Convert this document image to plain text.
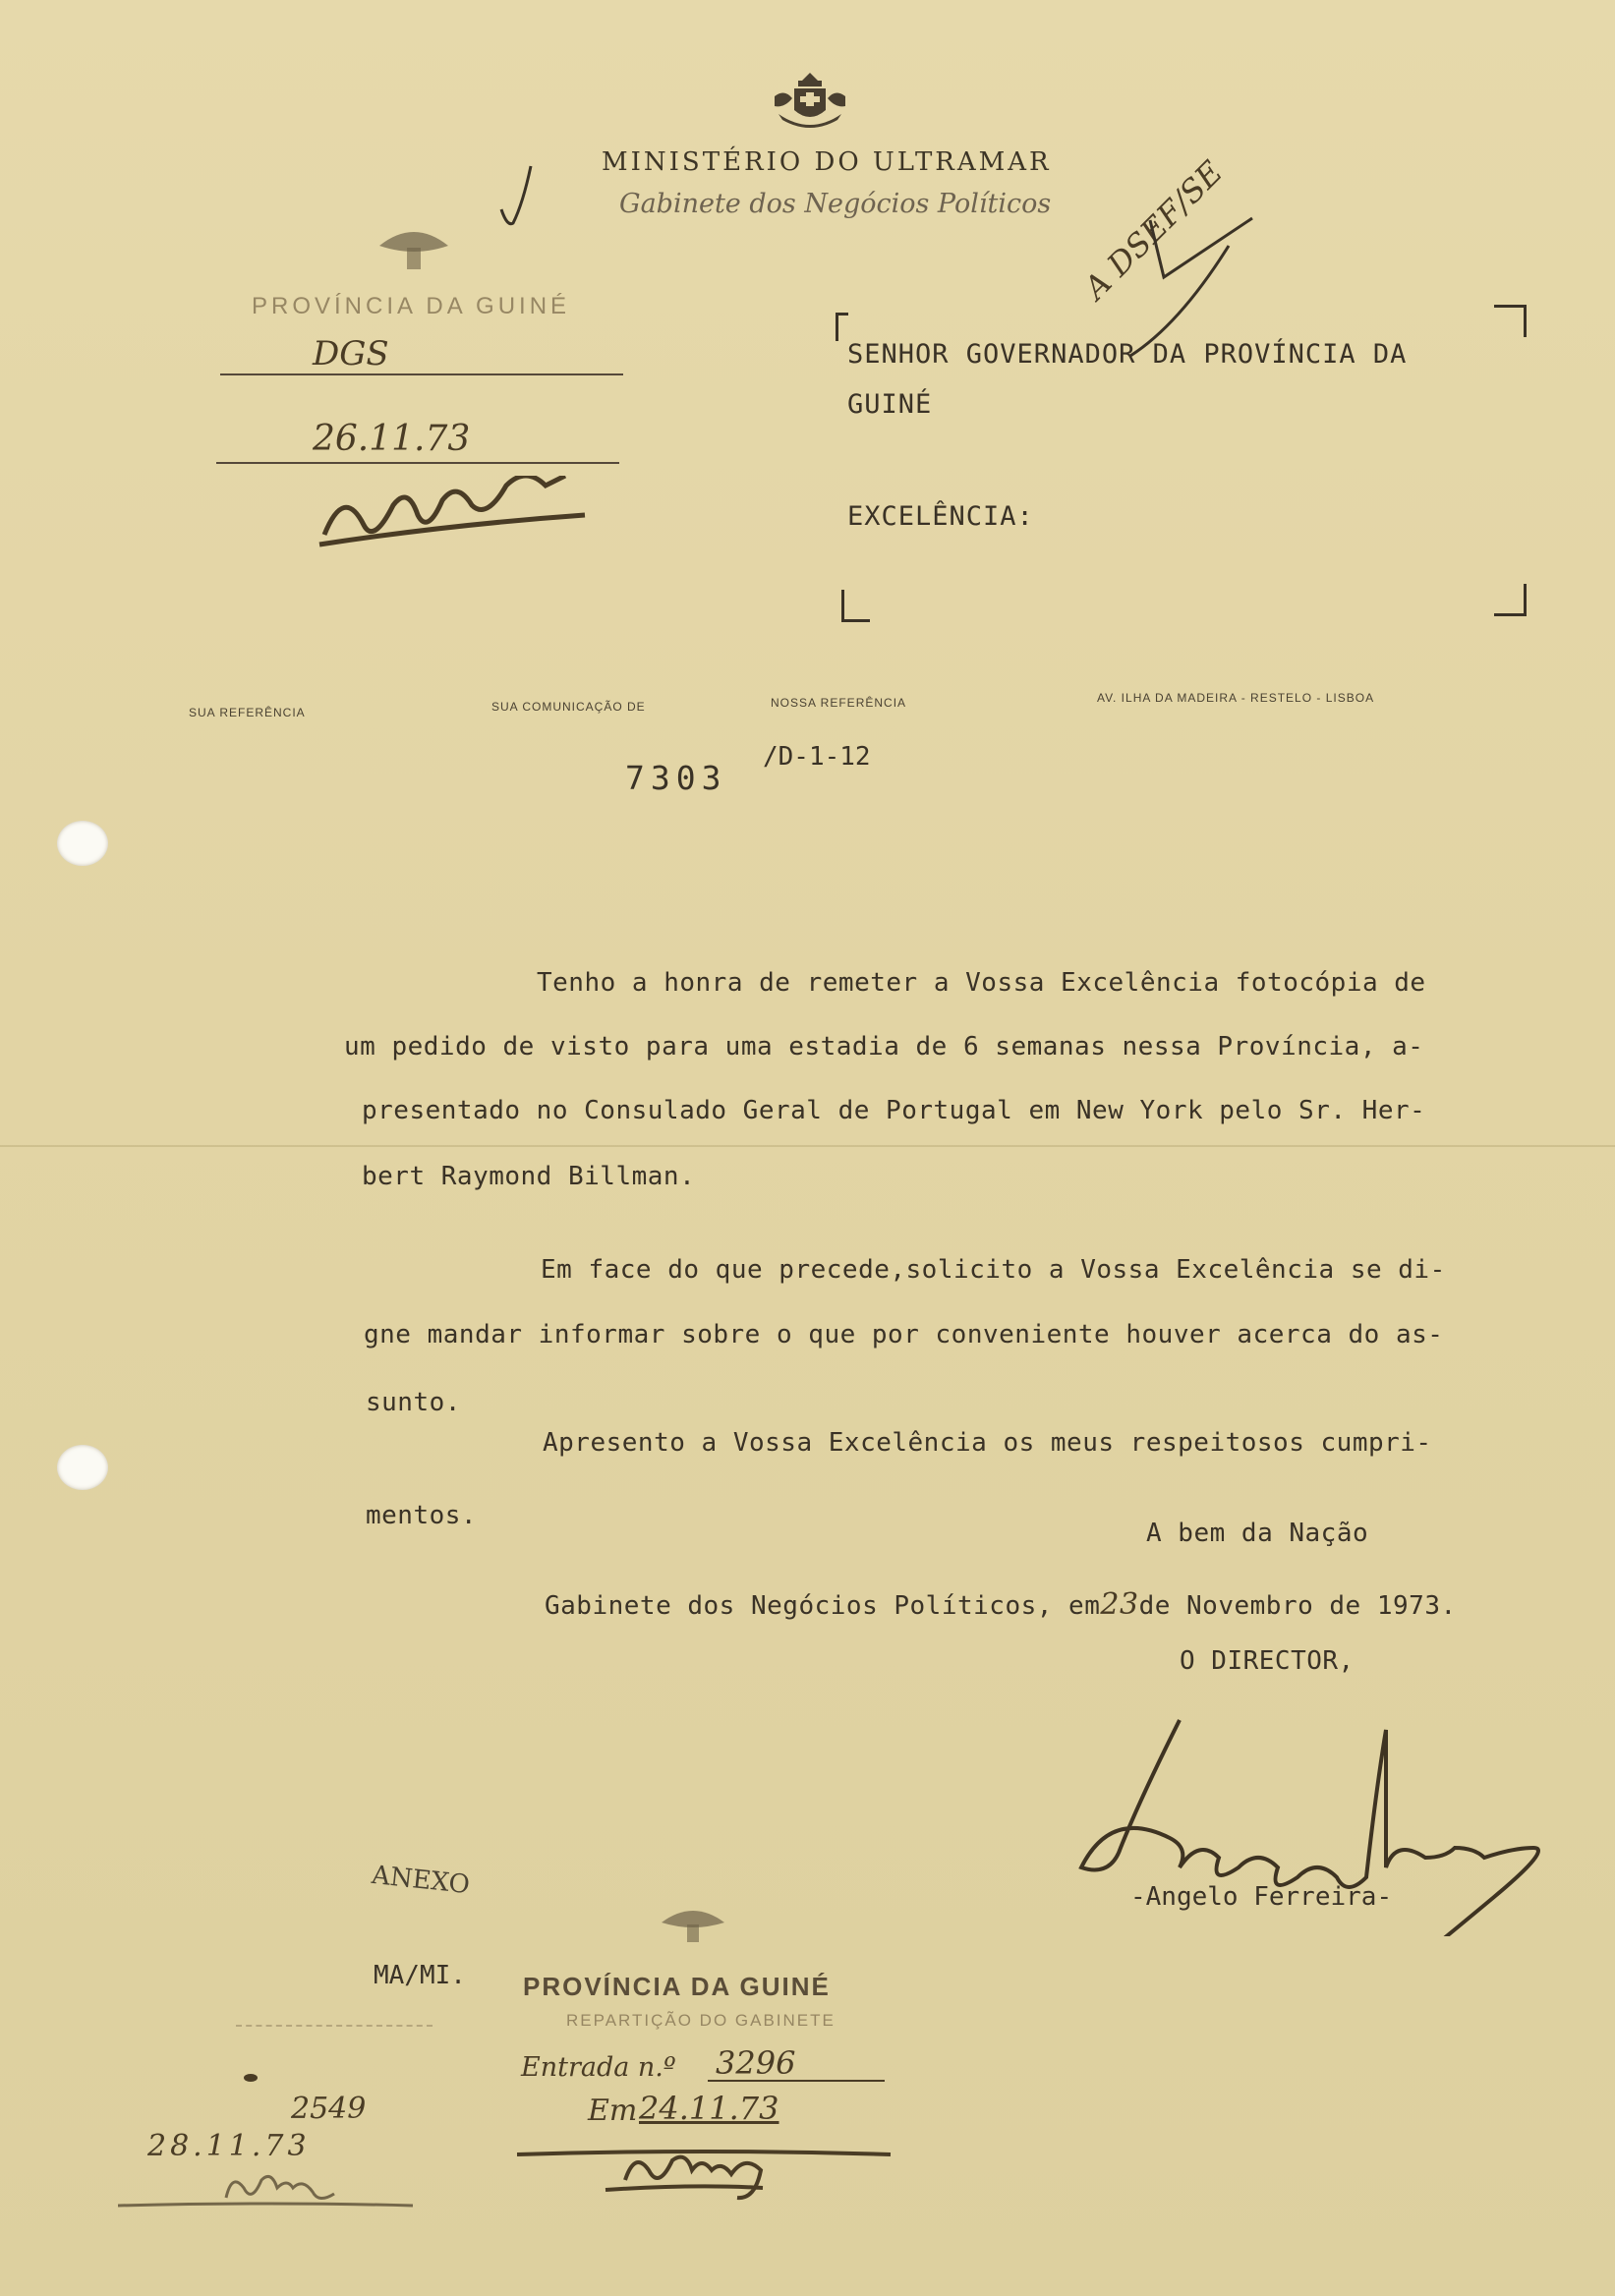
MINISTÉRIO DO ULTRAMAR
Gabinete dos Negócios Políticos
PROVÍNCIA DA GUINÉ
DGS
26.11.73
A DSEF/SE
SENHOR GOVERNADOR DA PROVÍNCIA DA
GUINÉ
EXCELÊNCIA:
SUA REFERÊNCIA	SUA COMUNICAÇÃO DE	NOSSA REFERÊNCIA	AV. ILHA DA MADEIRA - RESTELO - LISBOA
7303
/D-1-12
Tenho a honra de remeter a Vossa Excelência fotocópia de
um pedido de visto para uma estadia de 6 semanas nessa Província, a-
presentado no Consulado Geral de Portugal em New York pelo Sr. Her-
bert Raymond Billman.
Em face do que precede,solicito a Vossa Excelência se di-
gne mandar informar sobre o que por conveniente houver acerca do as-
sunto.
Apresento a Vossa Excelência os meus respeitosos cumpri-
mentos.
A bem da Nação
Gabinete dos Negócios Políticos, em23de Novembro de 1973.
O DIRECTOR,
-Angelo Ferreira-
ANEXO
MA/MI. PROVÍNCIA DA GUINÉ
REPARTIÇÃO DO GABINETE
Entrada n.º 3296
Em 24.11.73
2549
28.11.73
